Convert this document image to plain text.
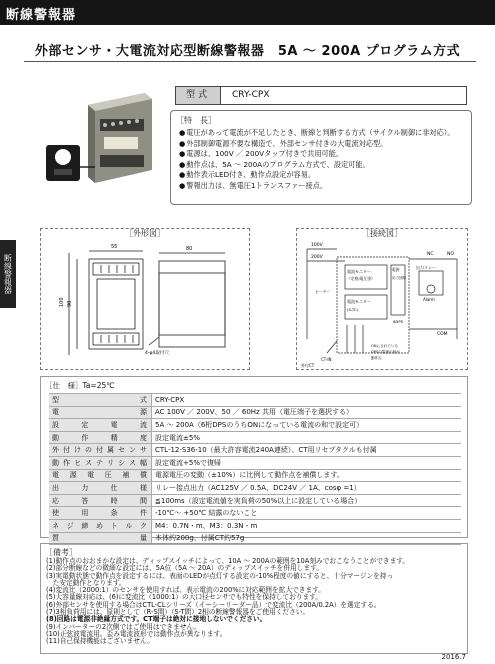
断線警報器
外部センサ・大電流対応型断線警報器　5A ～ 200A プログラム方式
断線警報器
型式	CRY-CPX
［特　長］
● 電圧があって電流が不足したとき、断線と判断する方式（サイクル制御に非対応）。
● 外部制御電源不要な構造で、外部センサ付きの大電流対応型。
● 電源は、100V ／ 200Vタップ付きで共用可能。
● 動作点は、5A ～ 200Aのプログラム方式で、設定可能。
● 動作表示LED付き、動作点設定が容易。
● 警報出力は、無電圧1トランスファー接点。
［外形図］
55	80
90
100
4-φ4取付穴
［接続図］
100V
200V
電流モニター
（定格/電圧別）
電流モニター
(S-TC)
出力リレー
Alarm
NC	NO
COM
電源
出力回路
ヒーター
CT-IN
外付CT
ONにされている
DPSの電流の和が
動作点
6DPS
［仕　様］Ta=25℃
型式	CRY-CPX
電源	AC 100V ／ 200V、50 ／ 60Hz 共用（電圧端子を選択する）
設定電流	5A ～ 200A（6桁DPSのうちONになっている電流の和で設定可）
動作精度	設定電流±5%
外付けの付属センサ	CTL-12-S36-10（最大許容電流240A連続）、CT用リセプタクルも付属
動作ヒステリシス幅	設定電流+5%で復帰
電源電圧補償	電源電圧の変動（±10%）に比例して動作点を補償します。
出力仕様	リレー接点出力（AC125V ／ 0.5A、DC24V ／ 1A、cosφ =1）
応答時間	≦100ms（設定電流値を実負荷の50%以上に設定している場合）
使用条件	-10℃～ +50℃ 結露のないこと
ネジ締めトルク	M4：0.7N・m、M3：0.3N・m
質量	本体約200g、付属CT約57g
［備考］
(1)動作点のおおまかな設定は、ディップスイッチによって、10A ～ 200Aの範囲を10A刻みでおこなうことができます。
(2)部分断線などの微細な設定には、5A位（5A ～ 20A）のディップスイッチを併用します。
(3)実電動状態で動作点を設定するには、表面のLEDが点灯する設定の-10%程度の値にすると、十分マージンを持っ
　た安定動作となります。
(4)変流比（2000:1）のセンサを使用すれば、表示電流の200%に対応範囲を拡大できます。
(5)大容量線対応は、(6)に変流比（1000:1）の大口径センサでも特性を保持しております。
(6)外部センサを使用する場合はCTL-CLシリーズ（イーシーリーダー品）で変流比（200A/0.2A）を選定する。
(7)3相負荷用には、原則として（R-S間）（S-T間）2相の断線警報器をご使用ください。
(8)回路は電源非絶縁方式です。CT端子は絶対に接地しないでください。
(9)インバーターの2次側ではご使用はできません。
(10)正弦波電流用。歪み電流波形では動作点が異なります。
(11)自己保持機能はございません。
2016.7
